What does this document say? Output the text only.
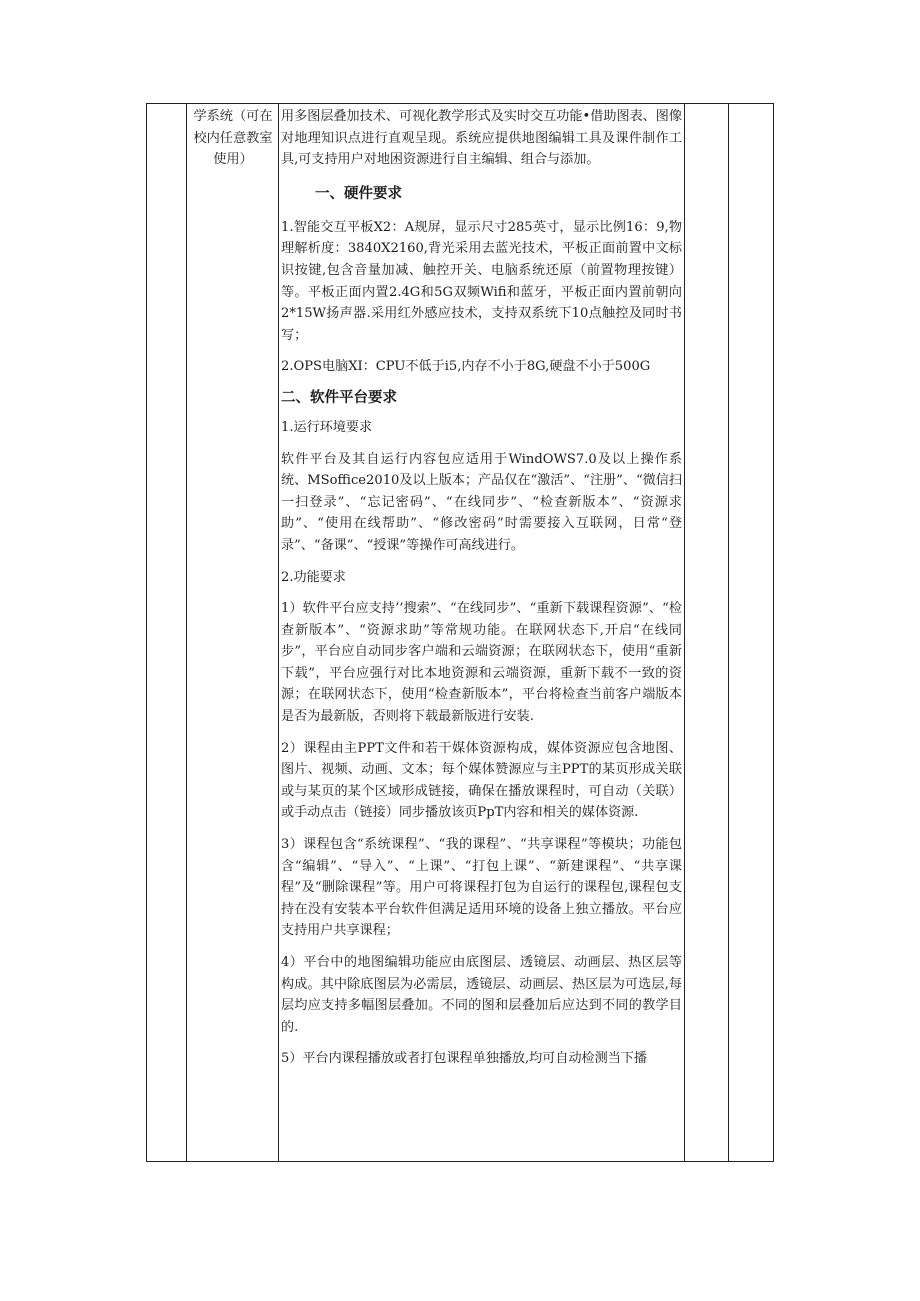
学系统（可在校内任意教室使用）

用多图层叠加技术、可视化教学形式及实时交互功能•借助图表、图像对地理知识点进行直观呈现。系统应提供地图编辑工具及课件制作工具,可支持用户对地困资源进行自主编辑、组合与添加。

一、硬件要求

1.智能交互平板X2：A规屏，显示尺寸285英寸，显示比例16：9,物理解析度：3840X2160,背光采用去蓝光技术，平板正面前置中文标识按键,包含音量加减、触控开关、电脑系统还原（前置物理按键）等。平板正面内置2.4G和5G双频Wifi和蓝牙，平板正面内置前朝向2*15W扬声器.采用红外感应技术，支持双系统下10点触控及同时书写；

2.OPS电脑XI：CPU不低于i5,内存不小于8G,硬盘不小于500G

二、软件平台要求

1.运行环境要求

软件平台及其自运行内容包应适用于WindOWS7.0及以上操作系统、MSoffice2010及以上版本；产品仅在“激活”、“注册”、“微信扫一扫登录”、“忘记密码”、“在线同步”、“检查新版本”、“资源求助”、“使用在线帮助”、“修改密码”时需要接入互联网，日常“登录”、“备课”、“授课”等操作可高线进行。

2.功能要求

1）软件平台应支持’’搜索”、“在线同步”、“重新下载课程资源”、“检查新版本”、“资源求助”等常规功能。在联网状态下,开启“在线同步”，平台应自动同步客户端和云端资源；在联网状态下，使用“重新下载”，平台应强行对比本地资源和云端资源，重新下载不一致的资源；在联网状态下，使用“检查新版本”，平台将检查当前客户端版本是否为最新版，否则将下载最新版进行安装.

2）课程由主PPT文件和若干媒体资源构成，媒体资源应包含地图、图片、视频、动画、文本；每个媒体赞源应与主PPT的某页形成关联或与某页的某个区域形成链接，确保在播放课程时，可自动（关联）或手动点击（链接）同步播放该页PpT内容和相关的媒体资源.

3）课程包含“系统课程”、“我的课程”、“共享课程”等模块；功能包含“编辑”、“导入”、“上课”、“打包上课”、“新建课程”、“共享课程”及“删除课程”等。用户可将课程打包为自运行的课程包,课程包支持在没有安装本平台软件但满足适用环境的设备上独立播放。平台应支持用户共享课程；

4）平台中的地图编辑功能应由底图层、透镜层、动画层、热区层等构成。其中除底图层为必需层，透镜层、动画层、热区层为可选层,每层均应支持多幅图层叠加。不同的图和层叠加后应达到不同的教学目的.

5）平台内课程播放或者打包课程单独播放,均可自动检测当下播
